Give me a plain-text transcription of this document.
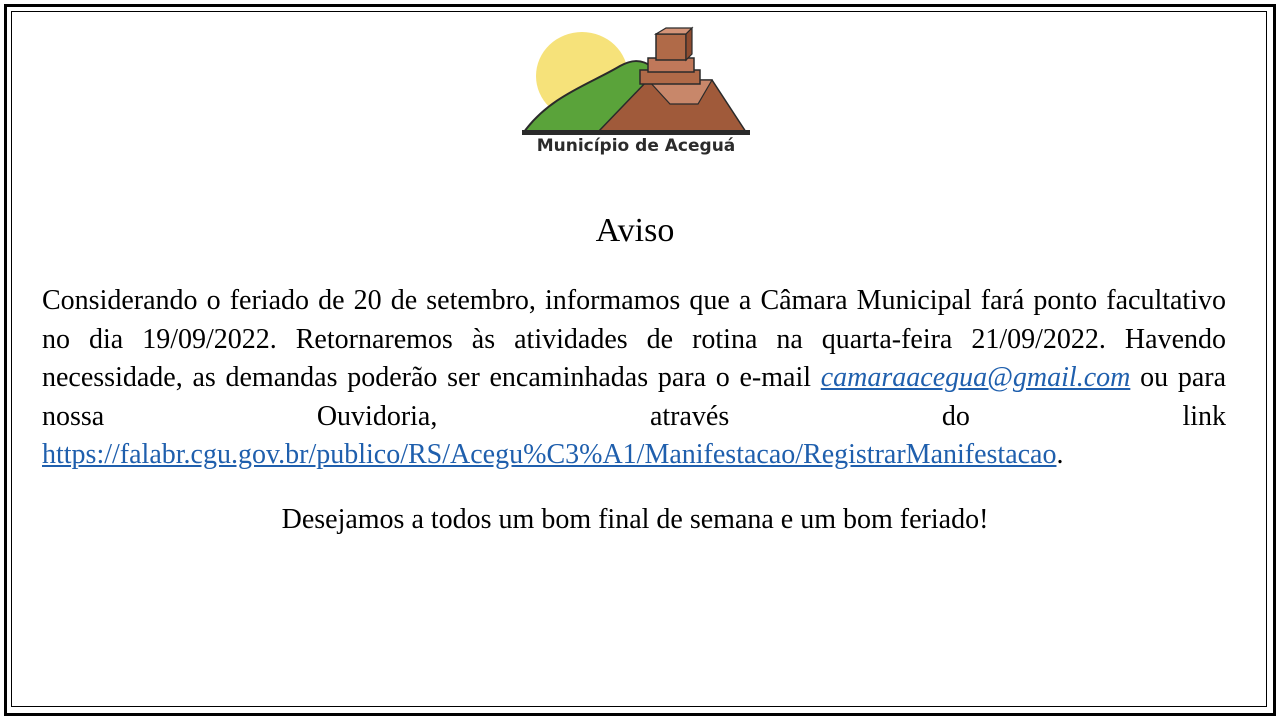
Município de Aceguá
Aviso
Considerando o feriado de 20 de setembro, informamos que a Câmara Municipal fará ponto facultativo no dia 19/09/2022. Retornaremos às atividades de rotina na quarta-feira 21/09/2022. Havendo necessidade, as demandas poderão ser encaminhadas para o e-mail camaraacegua@gmail.com ou para nossa Ouvidoria, através do link https://falabr.cgu.gov.br/publico/RS/Acegu%C3%A1/Manifestacao/RegistrarManifestacao.
Desejamos a todos um bom final de semana e um bom feriado!
